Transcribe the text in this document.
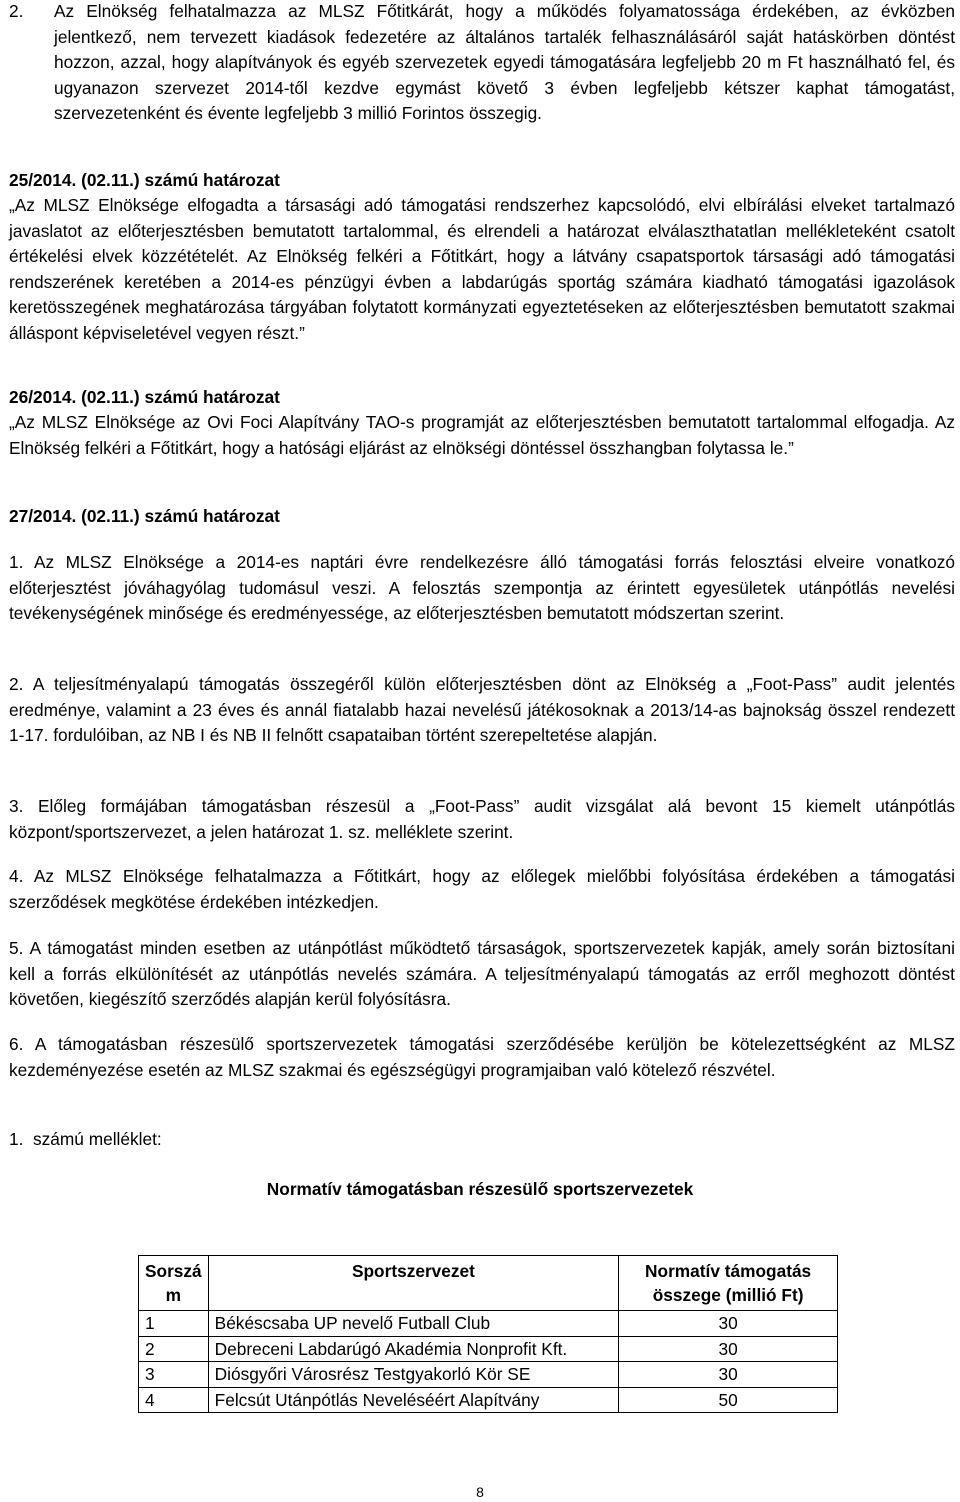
2. Az Elnökség felhatalmazza az MLSZ Főtitkárát, hogy a működés folyamatossága érdekében, az évközben jelentkező, nem tervezett kiadások fedezetére az általános tartalék felhasználásáról saját hatáskörben döntést hozzon, azzal, hogy alapítványok és egyéb szervezetek egyedi támogatására legfeljebb 20 m Ft használható fel, és ugyanazon szervezet 2014-től kezdve egymást követő 3 évben legfeljebb kétszer kaphat támogatást, szervezetenként és évente legfeljebb 3 millió Forintos összegig.
25/2014. (02.11.) számú határozat

„Az MLSZ Elnöksége elfogadta a társasági adó támogatási rendszerhez kapcsolódó, elvi elbírálási elveket tartalmazó javaslatot az előterjesztésben bemutatott tartalommal, és elrendeli a határozat elválaszthatatlan mellékleteként csatolt értékelési elvek közzétételét. Az Elnökség felkéri a Főtitkárt, hogy a látvány csapatsportok társasági adó támogatási rendszerének keretében a 2014-es pénzügyi évben a labdarúgás sportág számára kiadható támogatási igazolások keretösszegének meghatározása tárgyában folytatott kormányzati egyeztetéseken az előterjesztésben bemutatott szakmai álláspont képviseletével vegyen részt.”

26/2014. (02.11.) számú határozat

„Az MLSZ Elnöksége az Ovi Foci Alapítvány TAO-s programját az előterjesztésben bemutatott tartalommal elfogadja. Az Elnökség felkéri a Főtitkárt, hogy a hatósági eljárást az elnökségi döntéssel összhangban folytassa le.”

27/2014. (02.11.) számú határozat

1. Az MLSZ Elnöksége a 2014-es naptári évre rendelkezésre álló támogatási forrás felosztási elveire vonatkozó előterjesztést jóváhagyólag tudomásul veszi. A felosztás szempontja az érintett egyesületek utánpótlás nevelési tevékenységének minősége és eredményessége, az előterjesztésben bemutatott módszertan szerint.

2. A teljesítményalapú támogatás összegéről külön előterjesztésben dönt az Elnökség a „Foot-Pass” audit jelentés eredménye, valamint a 23 éves és annál fiatalabb hazai nevelésű játékosoknak a 2013/14-as bajnokság összel rendezett 1-17. fordulóiban, az NB I és NB II felnőtt csapataiban történt szerepeltetése alapján.

3. Előleg formájában támogatásban részesül a „Foot-Pass” audit vizsgálat alá bevont 15 kiemelt utánpótlás központ/sportszervezet, a jelen határozat 1. sz. melléklete szerint.

4. Az MLSZ Elnöksége felhatalmazza a Főtitkárt, hogy az előlegek mielőbbi folyósítása érdekében a támogatási szerződések megkötése érdekében intézkedjen.

5. A támogatást minden esetben az utánpótlást működtető társaságok, sportszervezetek kapják, amely során biztosítani kell a forrás elkülönítését az utánpótlás nevelés számára. A teljesítményalapú támogatás az erről meghozott döntést követően, kiegészítő szerződés alapján kerül folyósításra.

6. A támogatásban részesülő sportszervezetek támogatási szerződésébe kerüljön be kötelezettségként az MLSZ kezdeményezése esetén az MLSZ szakmai és egészségügyi programjaiban való kötelező részvétel.

1.  számú melléklet:
Normatív támogatásban részesülő sportszervezetek
Sorszá m	Sportszervezet	Normatív támogatás összege (millió Ft)
1	Békéscsaba UP nevelő Futball Club	30
2	Debreceni Labdarúgó Akadémia Nonprofit Kft.	30
3	Diósgyőri Városrész Testgyakorló Kör SE	30
4	Felcsút Utánpótlás Neveléséért Alapítvány	50
8
